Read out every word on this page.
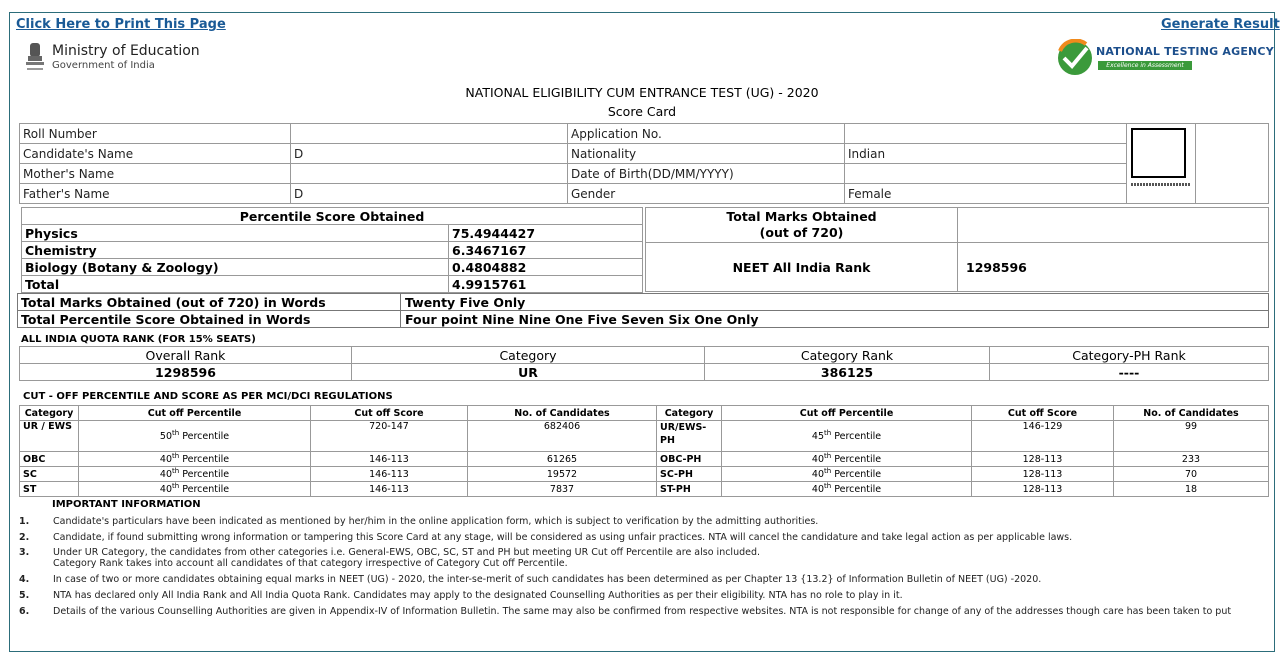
Click Here to Print This Page	Generate Result
Ministry of Education
Government of India
NATIONAL TESTING AGENCY
Excellence in Assessment
NATIONAL ELIGIBILITY CUM ENTRANCE TEST (UG) - 2020
Score Card
Roll Number		Application No.		

Candidate's Name	D	Nationality	Indian		
Mother's Name		Date of Birth(DD/MM/YYYY)			
Father's Name	D	Gender	Female		
Percentile Score Obtained	
Physics	75.4944427
Chemistry	6.3467167
Biology (Botany & Zoology)	0.4804882
Total	4.9915761
Total Marks Obtained
(out of 720)	

NEET All India Rank	1298596
Total Marks Obtained (out of 720) in Words	Twenty Five Only
Total Percentile Score Obtained in Words	Four point Nine Nine One Five Seven Six One Only
ALL INDIA QUOTA RANK (FOR 15% SEATS)
Overall Rank	Category	Category Rank	Category-PH Rank
1298596	UR	386125	----
CUT - OFF PERCENTILE AND SCORE AS PER MCI/DCI REGULATIONS
Category	Cut off Percentile	Cut off Score	No. of Candidates	Category	Cut off Percentile	Cut off Score	No. of Candidates
UR / EWS	50th Percentile	720-147	682406	UR/EWS-PH	45th Percentile	146-129	99
OBC	40th Percentile	146-113	61265	OBC-PH	40th Percentile	128-113	233
SC	40th Percentile	146-113	19572	SC-PH	40th Percentile	128-113	70
ST	40th Percentile	146-113	7837	ST-PH	40th Percentile	128-113	18
IMPORTANT INFORMATION
1.	Candidate's particulars have been indicated as mentioned by her/him in the online application form, which is subject to verification by the admitting authorities.
2.	Candidate, if found submitting wrong information or tampering this Score Card at any stage, will be considered as using unfair practices. NTA will cancel the candidature and take legal action as per applicable laws.
3.	Under UR Category, the candidates from other categories i.e. General-EWS, OBC, SC, ST and PH but meeting UR Cut off Percentile are also included.
Category Rank takes into account all candidates of that category irrespective of Category Cut off Percentile.
4.	In case of two or more candidates obtaining equal marks in NEET (UG) - 2020, the inter-se-merit of such candidates has been determined as per Chapter 13 {13.2} of Information Bulletin of NEET (UG) -2020.
5.	NTA has declared only All India Rank and All India Quota Rank. Candidates may apply to the designated Counselling Authorities as per their eligibility. NTA has no role to play in it.
6.	Details of the various Counselling Authorities are given in Appendix-IV of Information Bulletin. The same may also be confirmed from respective websites. NTA is not responsible for change of any of the addresses though care has been taken to put
